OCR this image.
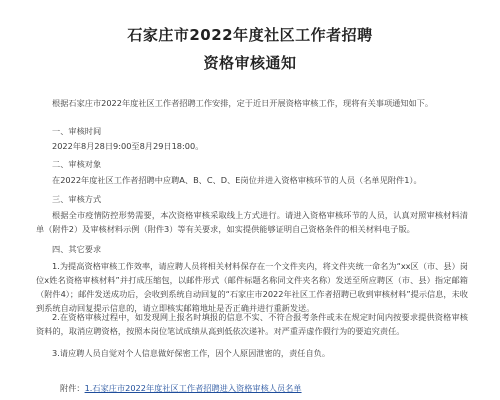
石家庄市2022年度社区工作者招聘
资格审核通知
根据石家庄市2022年度社区工作者招聘工作安排，定于近日开展资格审核工作，现将有关事项通知如下。
一、审核时间
2022年8月28日9:00至8月29日18:00。
二、审核对象
在2022年度社区工作者招聘中应聘A、B、C、D、E岗位并进入资格审核环节的人员（名单见附件1）。
三、审核方式
根据全市疫情防控形势需要，本次资格审核采取线上方式进行。请进入资格审核环节的人员，认真对照审核材料清单（附件2）及审核材料示例（附件3）等有关要求，如实提供能够证明自己资格条件的相关材料电子版。
四、其它要求
1.为提高资格审核工作效率，请应聘人员将相关材料保存在一个文件夹内，将文件夹统一命名为“xx区（市、县）岗位x姓名资格审核材料”并打成压缩包，以邮件形式（邮件标题名称同文件夹名称）发送至所应聘区（市、县）指定邮箱（附件4）；邮件发送成功后，会收到系统自动回复的“石家庄市2022年社区工作者招聘已收到审核材料”提示信息，未收到系统自动回复提示信息的，请立即核实邮箱地址是否正确并进行重新发送。
2.在资格审核过程中，如发现网上报名时填报的信息不实、不符合报考条件或未在规定时间内按要求提供资格审核资料的，取消应聘资格，按照本岗位笔试成绩从高到低依次递补。对严重弄虚作假行为的要追究责任。
3.请应聘人员自觉对个人信息做好保密工作，因个人原因泄密的，责任自负。
附件：1.石家庄市2022年度社区工作者招聘进入资格审核人员名单
